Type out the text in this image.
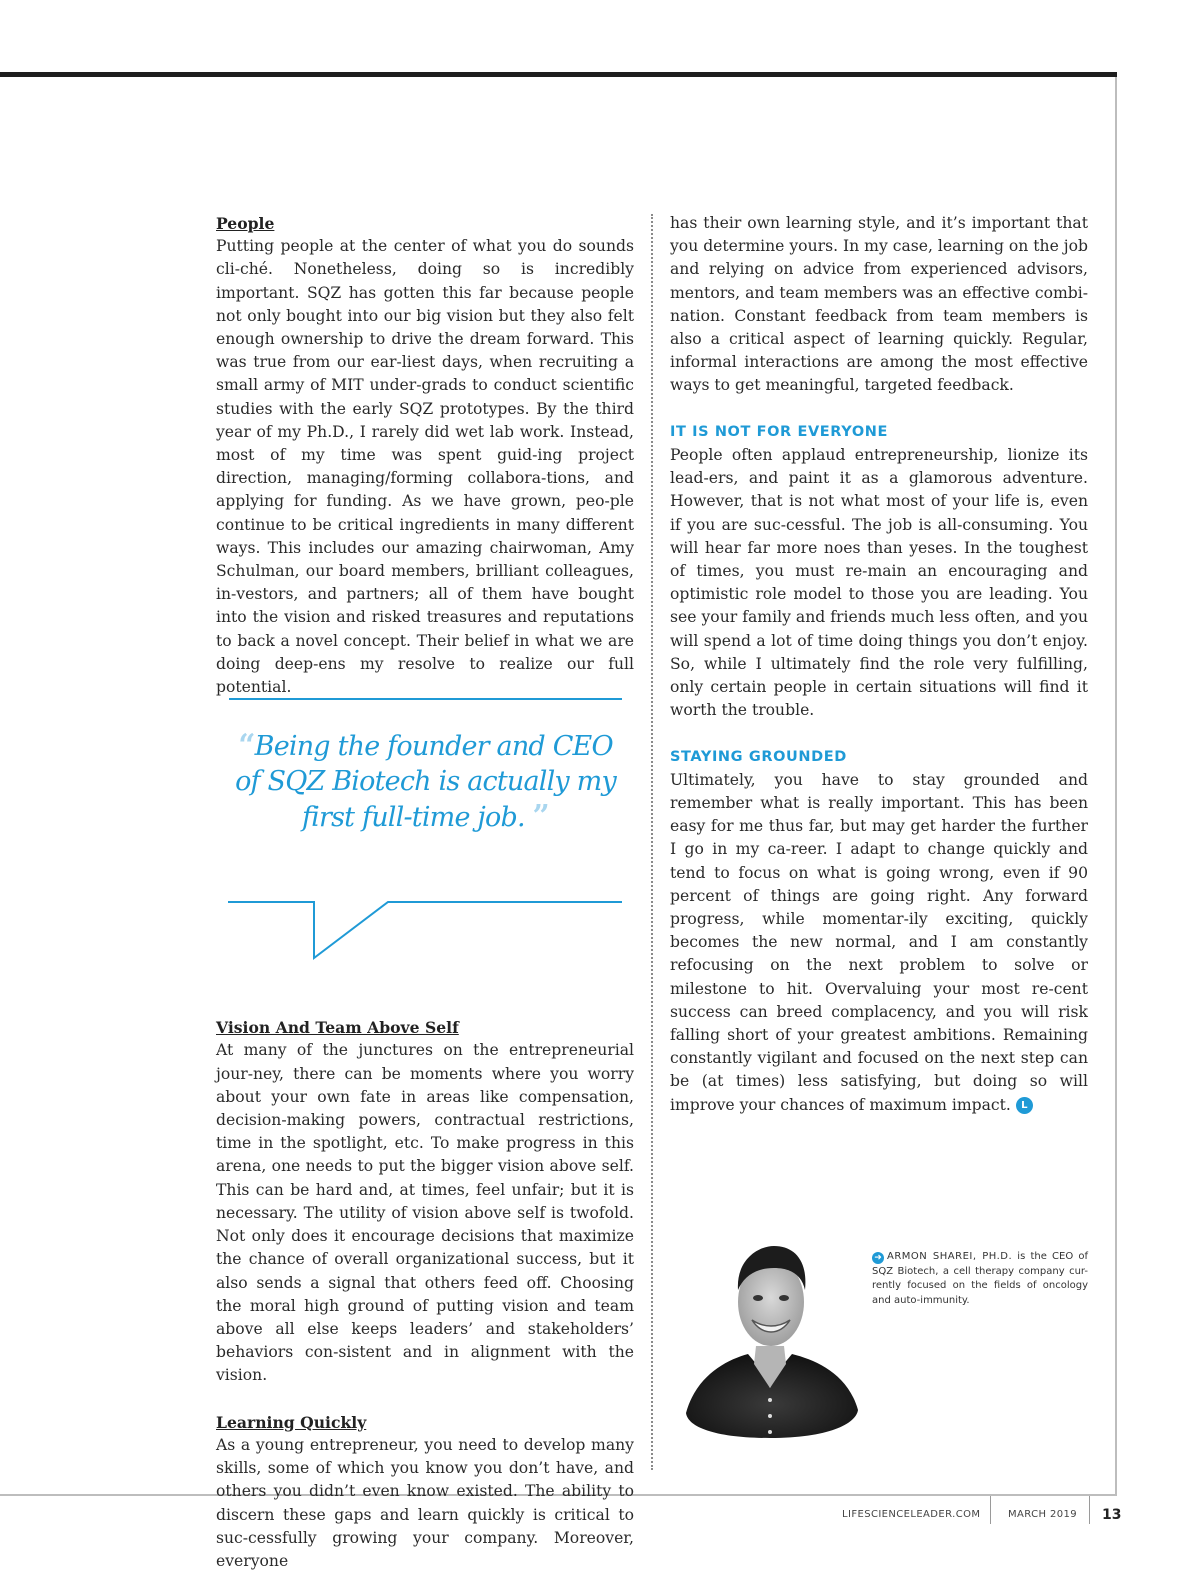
People

Putting people at the center of what you do sounds cli-ché. Nonetheless, doing so is incredibly important. SQZ has gotten this far because people not only bought into our big vision but they also felt enough ownership to drive the dream forward. This was true from our ear-liest days, when recruiting a small army of MIT under-grads to conduct scientific studies with the early SQZ prototypes. By the third year of my Ph.D., I rarely did wet lab work. Instead, most of my time was spent guid-ing project direction, managing/forming collabora-tions, and applying for funding. As we have grown, peo-ple continue to be critical ingredients in many different ways. This includes our amazing chairwoman, Amy Schulman, our board members, brilliant colleagues, in-vestors, and partners; all of them have bought into the vision and risked treasures and reputations to back a novel concept. Their belief in what we are doing deep-ens my resolve to realize our full potential.

Vision And Team Above Self

At many of the junctures on the entrepreneurial jour-ney, there can be moments where you worry about your own fate in areas like compensation, decision-making powers, contractual restrictions, time in the spotlight, etc. To make progress in this arena, one needs to put the bigger vision above self. This can be hard and, at times, feel unfair; but it is necessary. The utility of vision above self is twofold. Not only does it encourage decisions that maximize the chance of overall organizational success, but it also sends a signal that others feed off. Choosing the moral high ground of putting vision and team above all else keeps leaders’ and stakeholders’ behaviors con-sistent and in alignment with the vision.

Learning Quickly

As a young entrepreneur, you need to develop many skills, some of which you know you don’t have, and others you didn’t even know existed. The ability to discern these gaps and learn quickly is critical to suc-cessfully growing your company. Moreover, everyone

“Being the founder and CEO of SQZ Biotech is actually my first full-time job. ”

has their own learning style, and it’s important that you determine yours. In my case, learning on the job and relying on advice from experienced advisors, mentors, and team members was an effective combi-nation. Constant feedback from team members is also a critical aspect of learning quickly. Regular, informal interactions are among the most effective ways to get meaningful, targeted feedback.

IT IS NOT FOR EVERYONE

People often applaud entrepreneurship, lionize its lead-ers, and paint it as a glamorous adventure. However, that is not what most of your life is, even if you are suc-cessful. The job is all-consuming. You will hear far more noes than yeses. In the toughest of times, you must re-main an encouraging and optimistic role model to those you are leading. You see your family and friends much less often, and you will spend a lot of time doing things you don’t enjoy. So, while I ultimately find the role very fulfilling, only certain people in certain situations will find it worth the trouble.

STAYING GROUNDED

Ultimately, you have to stay grounded and remember what is really important. This has been easy for me thus far, but may get harder the further I go in my ca-reer. I adapt to change quickly and tend to focus on what is going wrong, even if 90 percent of things are going right. Any forward progress, while momentar-ily exciting, quickly becomes the new normal, and I am constantly refocusing on the next problem to solve or milestone to hit. Overvaluing your most re-cent success can breed complacency, and you will risk falling short of your greatest ambitions. Remaining constantly vigilant and focused on the next step can be (at times) less satisfying, but doing so will improve your chances of maximum impact. L

➜ ARMON SHAREI, PH.D. is the CEO of SQZ Biotech, a cell therapy company cur-rently focused on the fields of oncology and auto-immunity.
LIFESCIENCELEADER.COM	MARCH 2019 13
